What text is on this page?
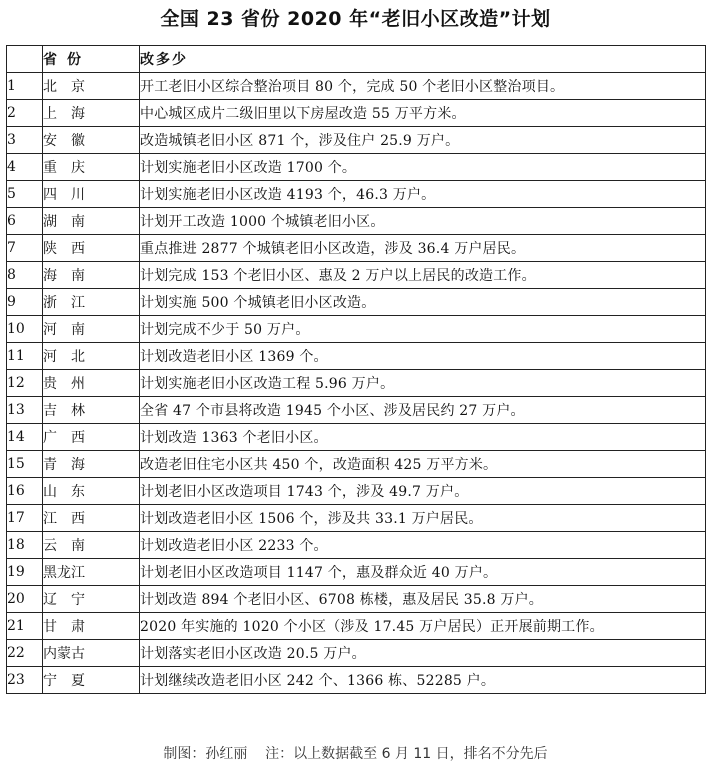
全国 23 省份 2020 年“老旧小区改造”计划
	省份	改多少
1	北京	开工老旧小区综合整治项目 80 个，完成 50 个老旧小区整治项目。
2	上海	中心城区成片二级旧里以下房屋改造 55 万平方米。
3	安徽	改造城镇老旧小区 871 个，涉及住户 25.9 万户。
4	重庆	计划实施老旧小区改造 1700 个。
5	四川	计划实施老旧小区改造 4193 个，46.3 万户。
6	湖南	计划开工改造 1000 个城镇老旧小区。
7	陕西	重点推进 2877 个城镇老旧小区改造，涉及 36.4 万户居民。
8	海南	计划完成 153 个老旧小区、惠及 2 万户以上居民的改造工作。
9	浙江	计划实施 500 个城镇老旧小区改造。
10	河南	计划完成不少于 50 万户。
11	河北	计划改造老旧小区 1369 个。
12	贵州	计划实施老旧小区改造工程 5.96 万户。
13	吉林	全省 47 个市县将改造 1945 个小区、涉及居民约 27 万户。
14	广西	计划改造 1363 个老旧小区。
15	青海	改造老旧住宅小区共 450 个，改造面积 425 万平方米。
16	山东	计划老旧小区改造项目 1743 个，涉及 49.7 万户。
17	江西	计划改造老旧小区 1506 个，涉及共 33.1 万户居民。
18	云南	计划改造老旧小区 2233 个。
19	黑龙江	计划老旧小区改造项目 1147 个，惠及群众近 40 万户。
20	辽宁	计划改造 894 个老旧小区、6708 栋楼，惠及居民 35.8 万户。
21	甘肃	2020 年实施的 1020 个小区（涉及 17.45 万户居民）正开展前期工作。
22	内蒙古	计划落实老旧小区改造 20.5 万户。
23	宁夏	计划继续改造老旧小区 242 个、1366 栋、52285 户。
制图：孙红丽 注：以上数据截至 6 月 11 日，排名不分先后
